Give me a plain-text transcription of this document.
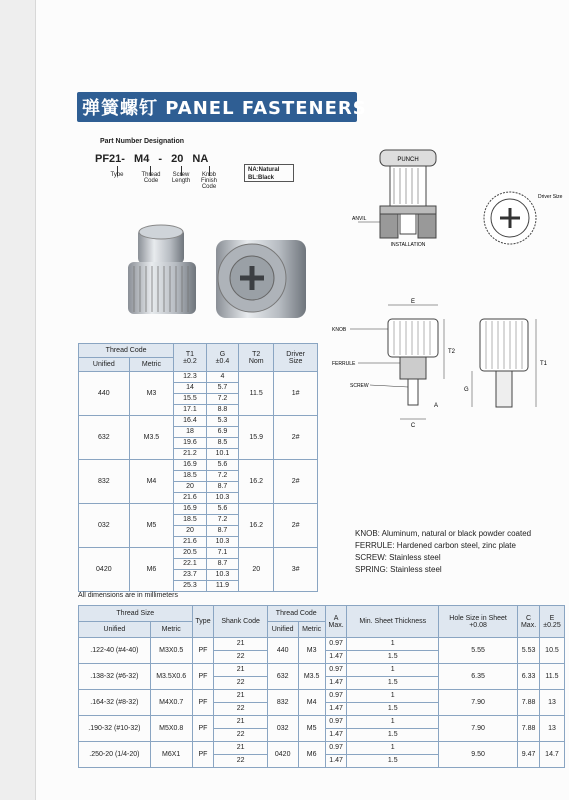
弹簧螺钉 PANEL FASTENERS
Part Number Designation
PF21- M4 - 20 NA
Type	Thread Code
Screw Length
Knob Finish Code
NA:Natural
BL:Black
PUNCH
ANVIL
INSTALLATION
Driver Size
E
T2
A
C
KNOB
FERRULE
SCREW
T1
G
KNOB: Aluminum, natural or black powder coated
FERRULE: Hardened carbon steel, zinc plate
SCREW: Stainless steel
SPRING: Stainless steel
Thread Code		T1
±0.2	G
±0.4	T2
Nom	Driver
Size
Unified	Metric				
440	M3	12.3	4	11.5	1#
		14	5.7		
		15.5	7.2		
		17.1	8.8		
632	M3.5	16.4	5.3	15.9	2#
		18	6.9		
		19.6	8.5		
		21.2	10.1		
832	M4	16.9	5.6	16.2	2#
		18.5	7.2		
		20	8.7		
		21.6	10.3		
032	M5	16.9	5.6	16.2	2#
		18.5	7.2		
		20	8.7		
		21.6	10.3		
0420	M6	20.5	7.1	20	3#
		22.1	8.7		
		23.7	10.3		
		25.3	11.9		
All dimensions are in millimeters
Thread Size		Type	Shank Code	Thread Code		A
Max.	Min. Sheet Thickness	Hole Size in Sheet
+0.08	C
Max.	E
±0.25
Unified	Metric			Unified	Metric					
.122-40 (#4-40)	M3X0.5	PF	21	440	M3	0.97	1	5.55	5.53	10.5
			22			1.47	1.5			
.138-32 (#6-32)	M3.5X0.6	PF	21	632	M3.5	0.97	1	6.35	6.33	11.5
			22			1.47	1.5			
.164-32 (#8-32)	M4X0.7	PF	21	832	M4	0.97	1	7.90	7.88	13
			22			1.47	1.5			
.190-32 (#10-32)	M5X0.8	PF	21	032	M5	0.97	1	7.90	7.88	13
			22			1.47	1.5			
.250-20 (1/4-20)	M6X1	PF	21	0420	M6	0.97	1	9.50	9.47	14.7
			22			1.47	1.5			
